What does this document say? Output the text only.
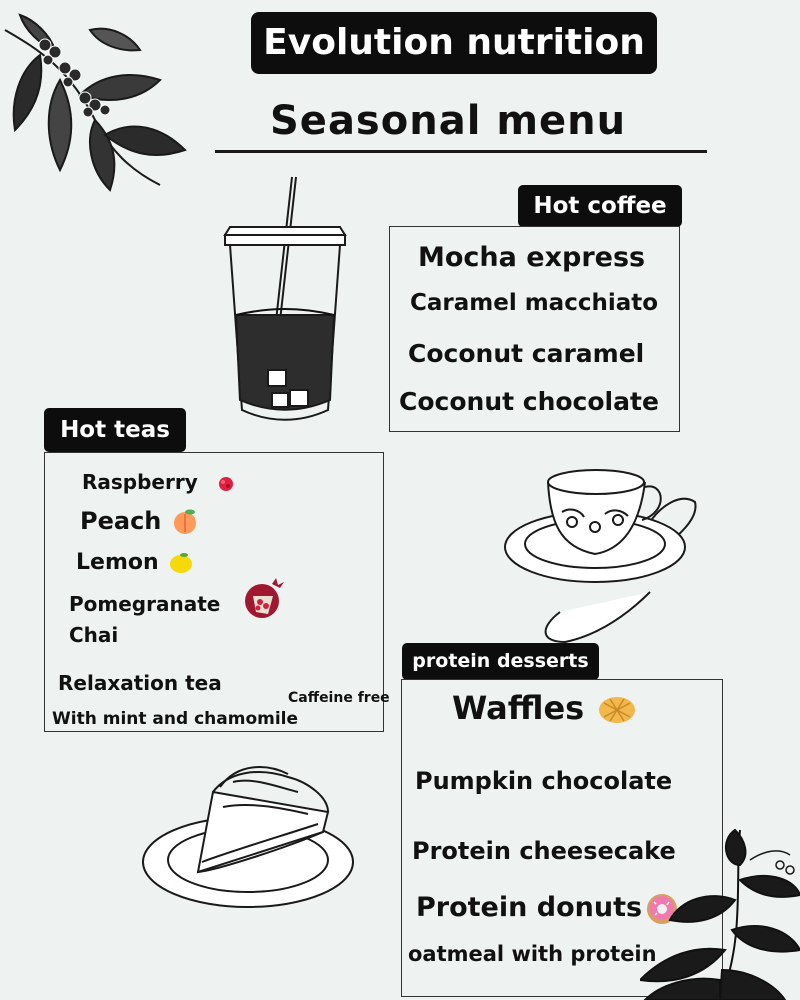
Evolution nutrition
Seasonal menu
Hot coffee
Mocha express
Caramel macchiato
Coconut caramel
Coconut chocolate
Hot teas
Raspberry
Peach
Lemon
Pomegranate
Chai
Relaxation tea
With mint and chamomile
Caffeine free
protein desserts
Waffles
Pumpkin chocolate
Protein cheesecake
Protein donuts
oatmeal with protein
